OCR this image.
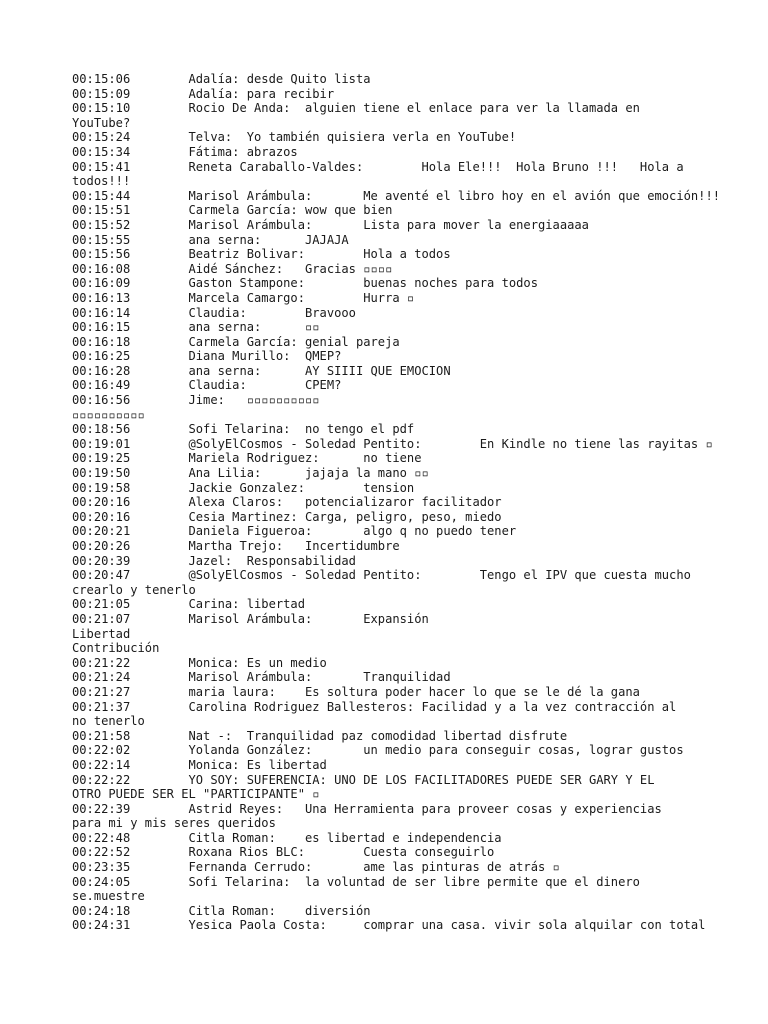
00:15:06        Adalía: desde Quito lista
00:15:09        Adalía: para recibir
00:15:10        Rocio De Anda:  alguien tiene el enlace para ver la llamada en
YouTube?
00:15:24        Telva:  Yo también quisiera verla en YouTube!
00:15:34        Fátima: abrazos
00:15:41        Reneta Caraballo-Valdes:        Hola Ele!!!  Hola Bruno !!!   Hola a
todos!!!
00:15:44        Marisol Arámbula:       Me aventé el libro hoy en el avión que emoción!!!
00:15:51        Carmela García: wow que bien
00:15:52        Marisol Arámbula:       Lista para mover la energiaaaaa
00:15:55        ana serna:      JAJAJA
00:15:56        Beatriz Bolivar:        Hola a todos
00:16:08        Aidé Sánchez:   Gracias ▫▫▫▫
00:16:09        Gaston Stampone:        buenas noches para todos
00:16:13        Marcela Camargo:        Hurra ▫
00:16:14        Claudia:        Bravooo
00:16:15        ana serna:      ▫▫
00:16:18        Carmela García: genial pareja
00:16:25        Diana Murillo:  QMEP?
00:16:28        ana serna:      AY SIIII QUE EMOCION
00:16:49        Claudia:        CPEM?
00:16:56        Jime:   ▫▫▫▫▫▫▫▫▫▫
▫▫▫▫▫▫▫▫▫▫
00:18:56        Sofi Telarina:  no tengo el pdf
00:19:01        @SolyElCosmos - Soledad Pentito:        En Kindle no tiene las rayitas ▫
00:19:25        Mariela Rodriguez:      no tiene
00:19:50        Ana Lilia:      jajaja la mano ▫▫
00:19:58        Jackie Gonzalez:        tension
00:20:16        Alexa Claros:   potencializaror facilitador
00:20:16        Cesia Martinez: Carga, peligro, peso, miedo
00:20:21        Daniela Figueroa:       algo q no puedo tener
00:20:26        Martha Trejo:   Incertidumbre
00:20:39        Jazel:  Responsabilidad
00:20:47        @SolyElCosmos - Soledad Pentito:        Tengo el IPV que cuesta mucho
crearlo y tenerlo
00:21:05        Carina: libertad
00:21:07        Marisol Arámbula:       Expansión
Libertad
Contribución
00:21:22        Monica: Es un medio
00:21:24        Marisol Arámbula:       Tranquilidad
00:21:27        maria laura:    Es soltura poder hacer lo que se le dé la gana
00:21:37        Carolina Rodriguez Ballesteros: Facilidad y a la vez contracción al
no tenerlo
00:21:58        Nat -:  Tranquilidad paz comodidad libertad disfrute
00:22:02        Yolanda González:       un medio para conseguir cosas, lograr gustos
00:22:14        Monica: Es libertad
00:22:22        YO SOY: SUFERENCIA: UNO DE LOS FACILITADORES PUEDE SER GARY Y EL
OTRO PUEDE SER EL "PARTICIPANTE" ▫
00:22:39        Astrid Reyes:   Una Herramienta para proveer cosas y experiencias
para mi y mis seres queridos
00:22:48        Citla Roman:    es libertad e independencia
00:22:52        Roxana Rios BLC:        Cuesta conseguirlo
00:23:35        Fernanda Cerrudo:       ame las pinturas de atrás ▫
00:24:05        Sofi Telarina:  la voluntad de ser libre permite que el dinero
se.muestre
00:24:18        Citla Roman:    diversión
00:24:31        Yesica Paola Costa:     comprar una casa. vivir sola alquilar con total
